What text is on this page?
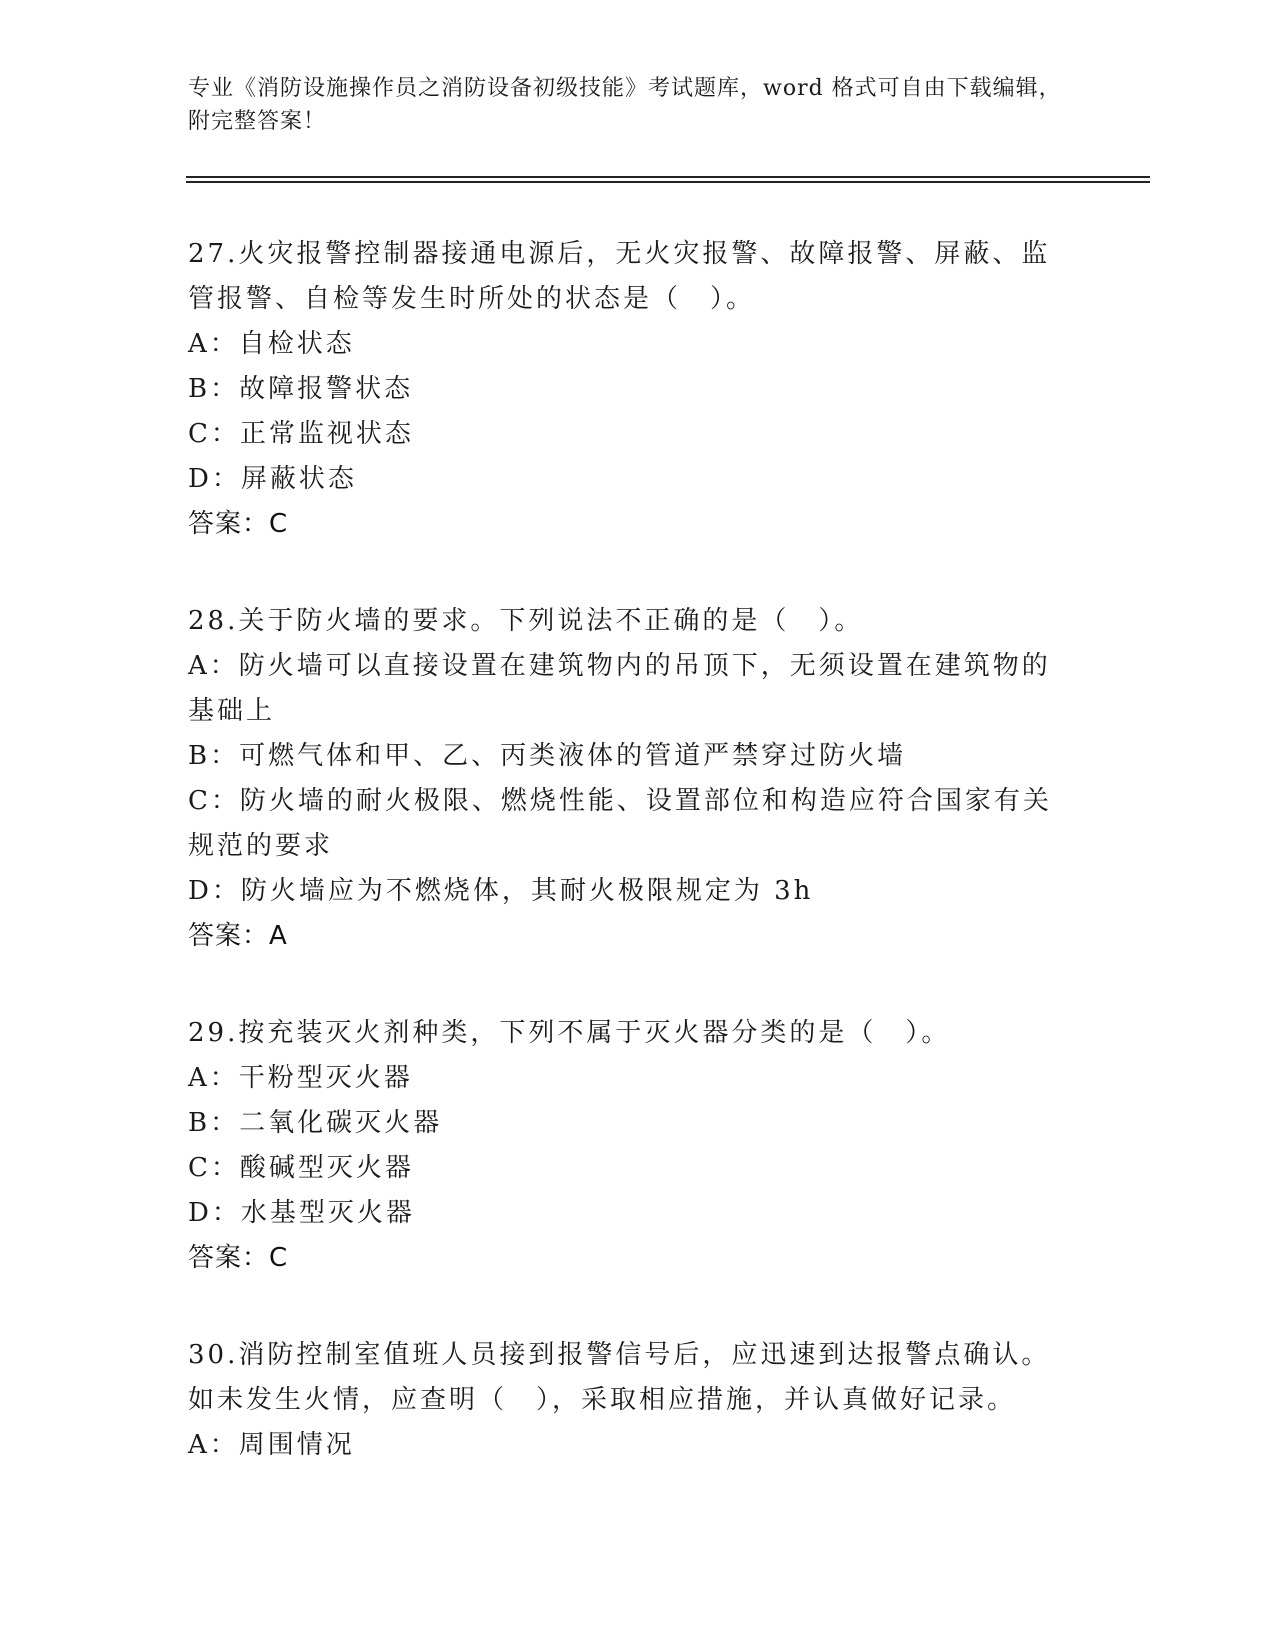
专业《消防设施操作员之消防设备初级技能》考试题库，word 格式可自由下载编辑，附完整答案！
27.火灾报警控制器接通电源后，无火灾报警、故障报警、屏蔽、监管报警、自检等发生时所处的状态是（　）。
A：自检状态
B：故障报警状态
C：正常监视状态
D：屏蔽状态
答案：C
28.关于防火墙的要求。下列说法不正确的是（　）。
A：防火墙可以直接设置在建筑物内的吊顶下，无须设置在建筑物的基础上
B：可燃气体和甲、乙、丙类液体的管道严禁穿过防火墙
C：防火墙的耐火极限、燃烧性能、设置部位和构造应符合国家有关规范的要求
D：防火墙应为不燃烧体，其耐火极限规定为 3h
答案：A
29.按充装灭火剂种类，下列不属于灭火器分类的是（　）。
A：干粉型灭火器
B：二氧化碳灭火器
C：酸碱型灭火器
D：水基型灭火器
答案：C
30.消防控制室值班人员接到报警信号后，应迅速到达报警点确认。如未发生火情，应查明（　），采取相应措施，并认真做好记录。
A：周围情况
